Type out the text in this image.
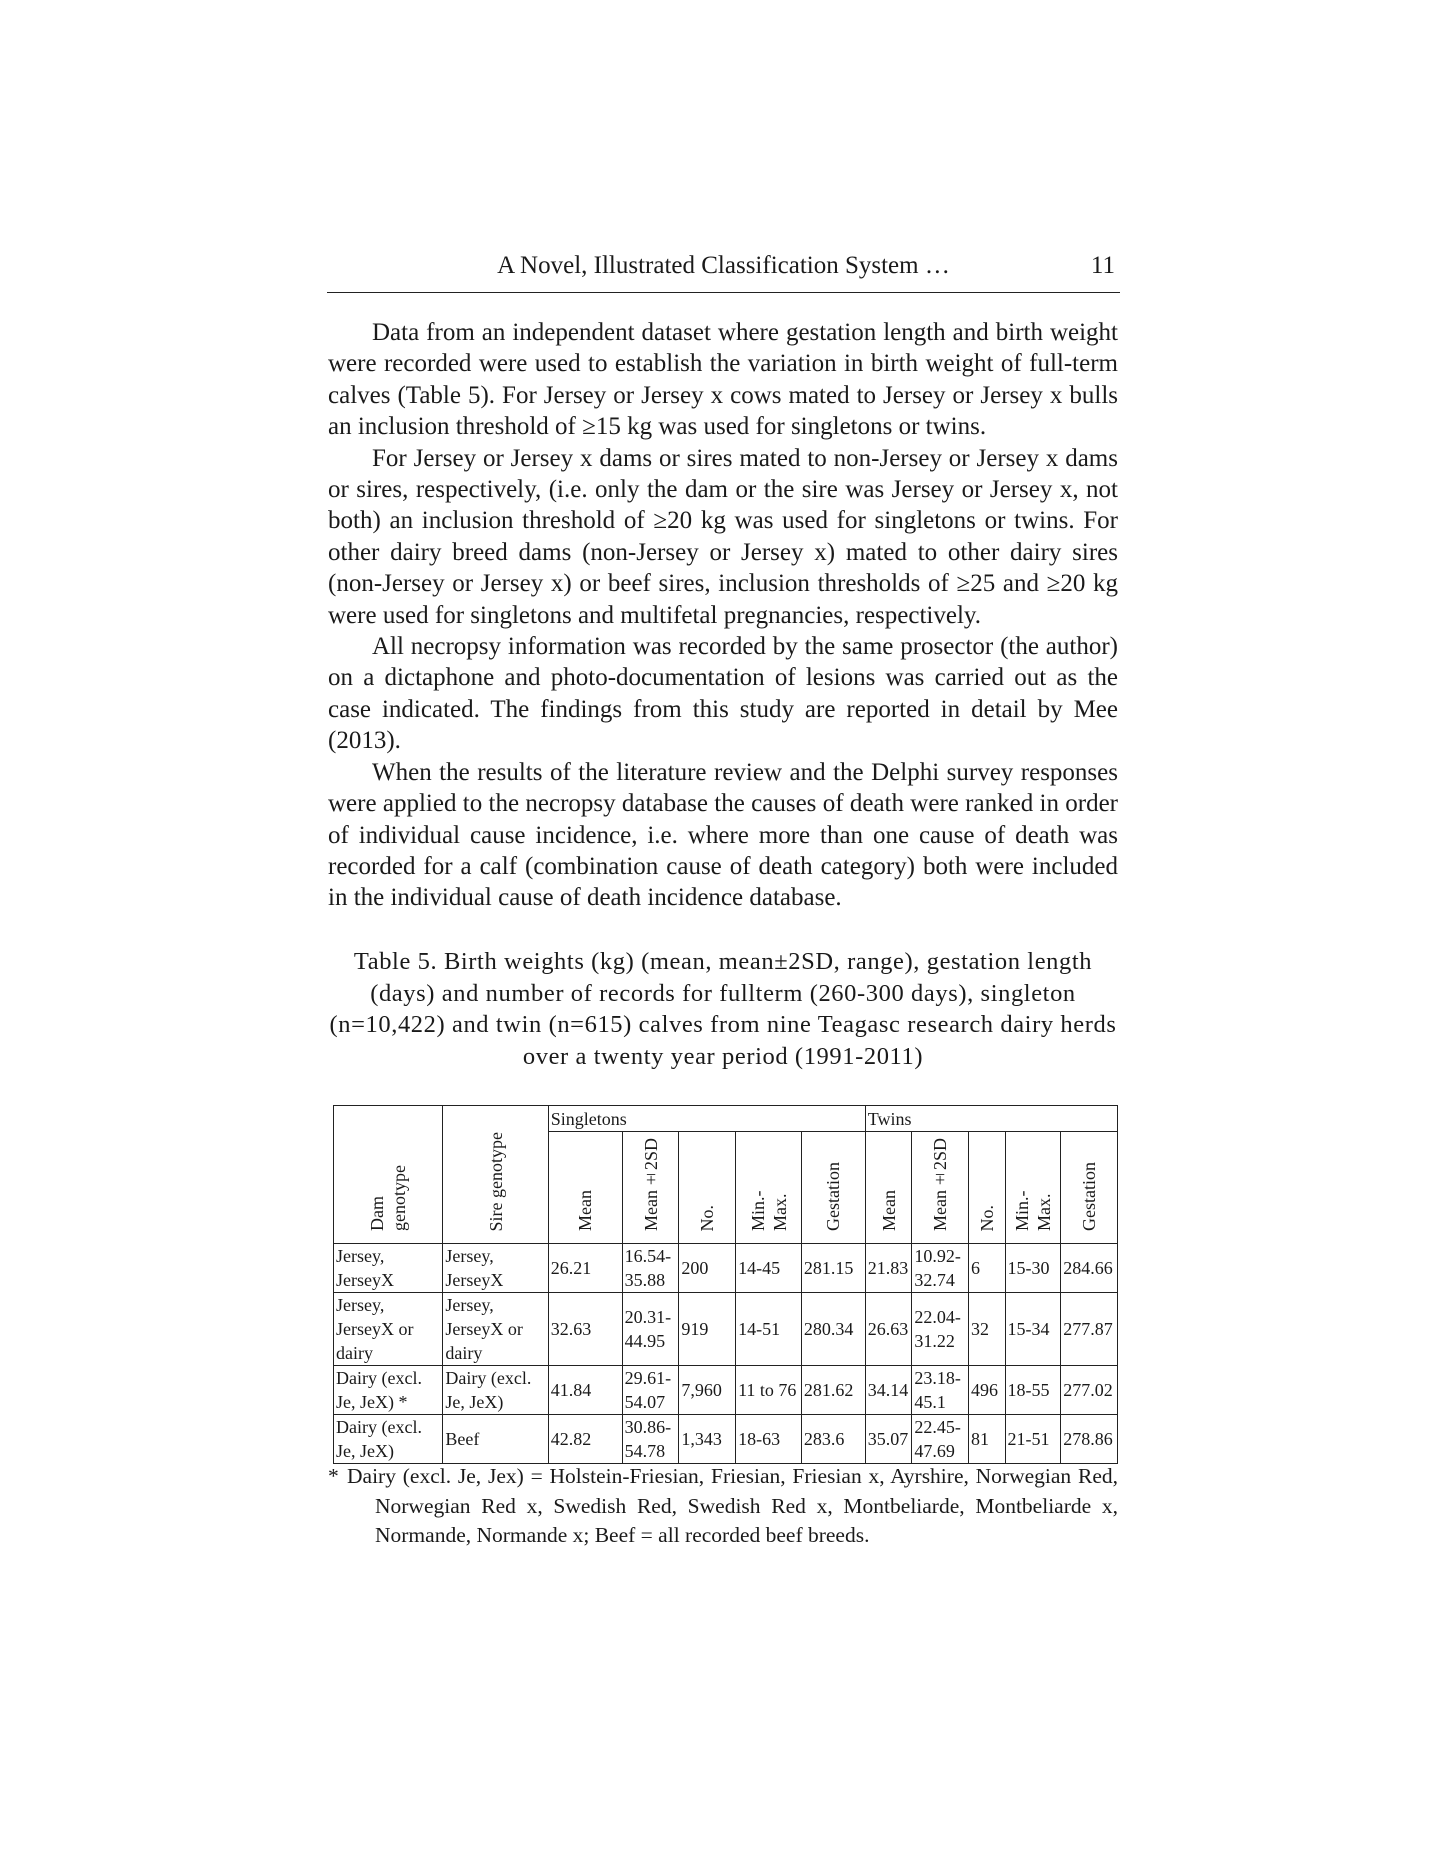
A Novel, Illustrated Classification System …	11

Data from an independent dataset where gestation length and birth weight were recorded were used to establish the variation in birth weight of full-term calves (Table 5). For Jersey or Jersey x cows mated to Jersey or Jersey x bulls an inclusion threshold of ≥15 kg was used for singletons or twins.

For Jersey or Jersey x dams or sires mated to non-Jersey or Jersey x dams or sires, respectively, (i.e. only the dam or the sire was Jersey or Jersey x, not both) an inclusion threshold of ≥20 kg was used for singletons or twins. For other dairy breed dams (non-Jersey or Jersey x) mated to other dairy sires (non-Jersey or Jersey x) or beef sires, inclusion thresholds of ≥25 and ≥20 kg were used for singletons and multifetal pregnancies, respectively.

All necropsy information was recorded by the same prosector (the author) on a dictaphone and photo-documentation of lesions was carried out as the case indicated. The findings from this study are reported in detail by Mee (2013).

When the results of the literature review and the Delphi survey responses were applied to the necropsy database the causes of death were ranked in order of individual cause incidence, i.e. where more than one cause of death was recorded for a calf (combination cause of death category) both were included in the individual cause of death incidence database.

Table 5. Birth weights (kg) (mean, mean±2SD, range), gestation length (days) and number of records for fullterm (260-300 days), singleton (n=10,422) and twin (n=615) calves from nine Teagasc research dairy herds over a twenty year period (1991-2011)
Dam genotype	Sire genotype	Singletons					Twins				
		Mean	Mean±2SD	No.	Min.-Max.	Gestation	Mean	Mean±2SD	No.	Min.-Max.	Gestation
Jersey, JerseyX	Jersey, JerseyX	26.21	16.54-35.88	200	14-45	281.15	21.83	10.92-32.74	6	15-30	284.66
Jersey, JerseyX or dairy	Jersey, JerseyX or dairy	32.63	20.31-44.95	919	14-51	280.34	26.63	22.04-31.22	32	15-34	277.87
Dairy (excl. Je, JeX) *	Dairy (excl. Je, JeX)	41.84	29.61-54.07	7,960	11 to 76	281.62	34.14	23.18-45.1	496	18-55	277.02
Dairy (excl. Je, JeX)	Beef	42.82	30.86-54.78	1,343	18-63	283.6	35.07	22.45-47.69	81	21-51	278.86
* Dairy (excl. Je, Jex) = Holstein-Friesian, Friesian, Friesian x, Ayrshire, Norwegian Red, Norwegian Red x, Swedish Red, Swedish Red x, Montbeliarde, Montbeliarde x, Normande, Normande x; Beef = all recorded beef breeds.
